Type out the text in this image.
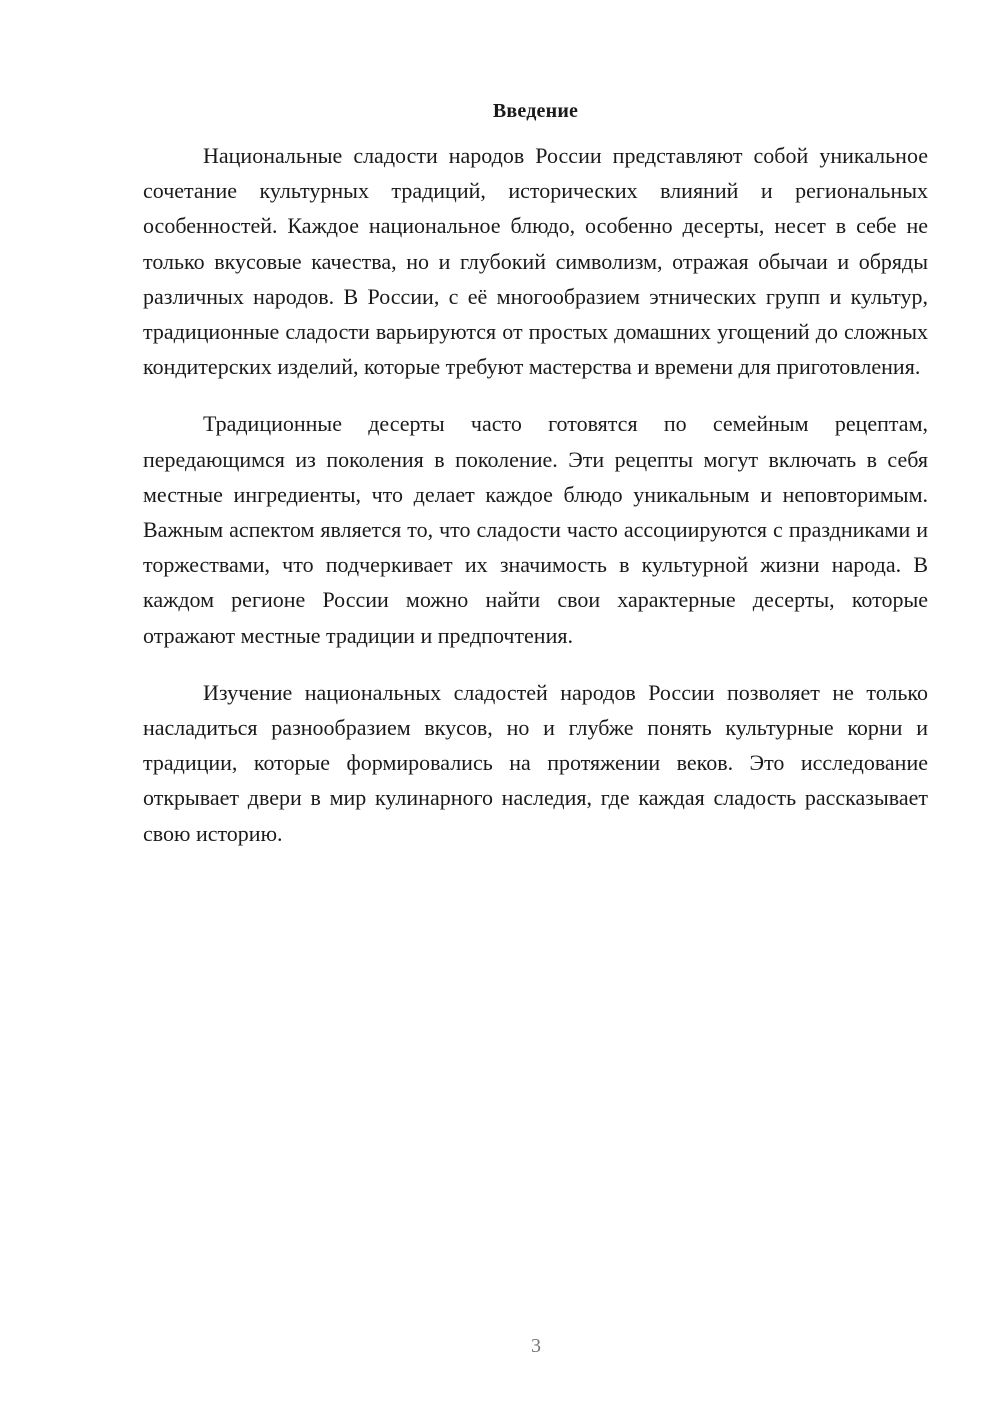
Введение

Национальные сладости народов России представляют собой уникальное сочетание культурных традиций, исторических влияний и региональных особенностей. Каждое национальное блюдо, особенно десерты, несет в себе не только вкусовые качества, но и глубокий символизм, отражая обычаи и обряды различных народов. В России, с её многообразием этнических групп и культур, традиционные сладости варьируются от простых домашних угощений до сложных кондитерских изделий, которые требуют мастерства и времени для приготовления.

Традиционные десерты часто готовятся по семейным рецептам, передающимся из поколения в поколение. Эти рецепты могут включать в себя местные ингредиенты, что делает каждое блюдо уникальным и неповторимым. Важным аспектом является то, что сладости часто ассоциируются с праздниками и торжествами, что подчеркивает их значимость в культурной жизни народа. В каждом регионе России можно найти свои характерные десерты, которые отражают местные традиции и предпочтения.

Изучение национальных сладостей народов России позволяет не только насладиться разнообразием вкусов, но и глубже понять культурные корни и традиции, которые формировались на протяжении веков. Это исследование открывает двери в мир кулинарного наследия, где каждая сладость рассказывает свою историю.

3
